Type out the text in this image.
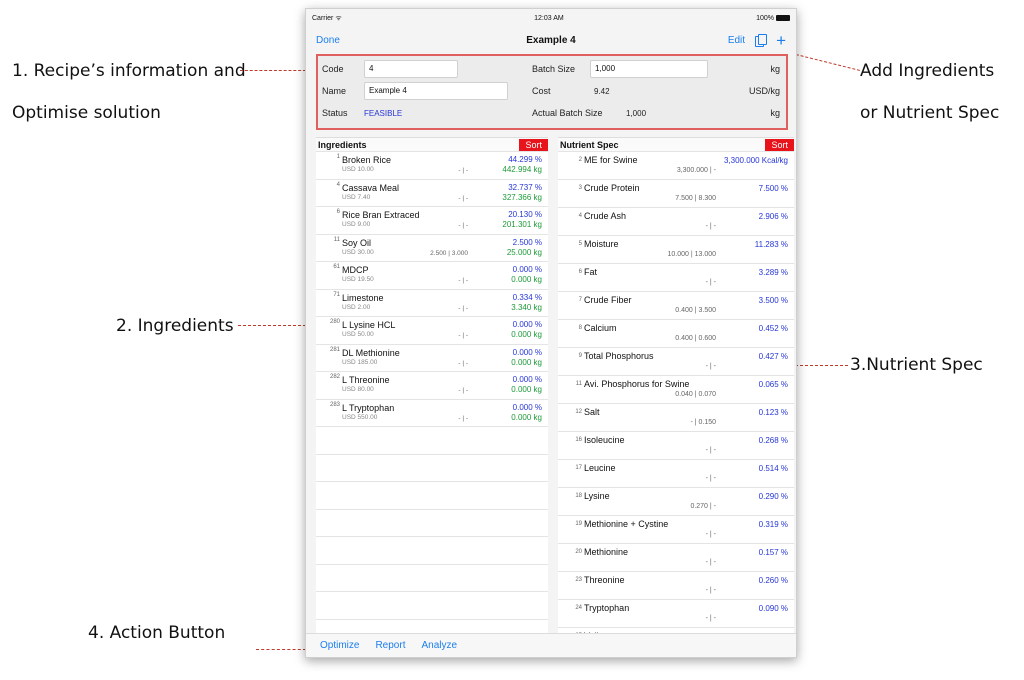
1. Recipe’s information and
Optimise solution
2. Ingredients
4. Action Button
Add Ingredients
or Nutrient Spec
3.Nutrient Spec
Carrier ᯤ	12:03 AM	100%
Done	Example 4	Edit +
Code	4
Name	Example 4
Status FEASIBLE
Batch Size	1,000	kg
Cost	9.42	USD/kg
Actual Batch Size	1,000	kg
Ingredients	Sort
1 Broken Rice
USD 10.00	- | -
44.299 %
442.994 kg
4 Cassava Meal
USD 7.40	- | -
32.737 %
327.366 kg
6 Rice Bran Extraced
USD 9.00	- | -
20.130 %
201.301 kg
11 Soy Oil
USD 30.00	2.500 | 3.000
2.500 %
25.000 kg
61 MDCP
USD 19.50	- | -
0.000 %
0.000 kg
71 Limestone
USD 2.00	- | -
0.334 %
3.340 kg
280 L Lysine HCL
USD 50.00	- | -
0.000 %
0.000 kg
281 DL Methionine
USD 185.00	- | -
0.000 %
0.000 kg
282 L Threonine
USD 80.00	- | -
0.000 %
0.000 kg
283 L Tryptophan
USD 550.00	- | -
0.000 %
0.000 kg
Nutrient Spec	Sort
2 ME for Swine
3,300.000 | -
3,300.000 Kcal/kg
3 Crude Protein
7.500 | 8.300
7.500 %
4 Crude Ash
- | -
2.906 %
5 Moisture
10.000 | 13.000
11.283 %
6 Fat
- | -
3.289 %
7 Crude Fiber
0.400 | 3.500
3.500 %
8 Calcium
0.400 | 0.600
0.452 %
9 Total Phosphorus
- | -
0.427 %
11 Avi. Phosphorus for Swine
0.040 | 0.070
0.065 %
12 Salt
- | 0.150
0.123 %
16 Isoleucine
- | -
0.268 %
17 Leucine
- | -
0.514 %
18 Lysine
0.270 | -
0.290 %
19 Methionine + Cystine
- | -
0.319 %
20 Methionine
- | -
0.157 %
23 Threonine
- | -
0.260 %
24 Tryptophan
- | -
0.090 %
Optimize Report Analyze
